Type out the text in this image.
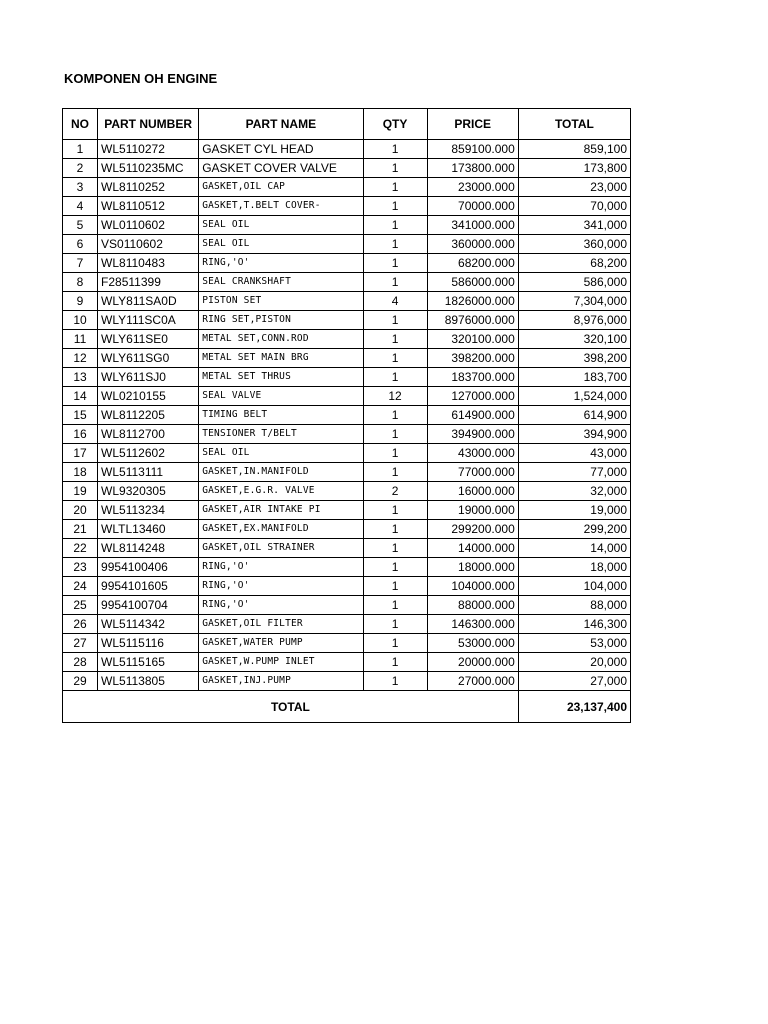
KOMPONEN OH ENGINE
NO	PART NUMBER	PART NAME	QTY	PRICE	TOTAL
1	WL5110272	GASKET CYL HEAD	1	859100.000	859,100
2	WL5110235MC	GASKET COVER VALVE	1	173800.000	173,800
3	WL8110252	GASKET,OIL CAP	1	23000.000	23,000
4	WL8110512	GASKET,T.BELT COVER-	1	70000.000	70,000
5	WL0110602	SEAL OIL	1	341000.000	341,000
6	VS0110602	SEAL OIL	1	360000.000	360,000
7	WL8110483	RING,'O'	1	68200.000	68,200
8	F28511399	SEAL CRANKSHAFT	1	586000.000	586,000
9	WLY811SA0D	PISTON SET	4	1826000.000	7,304,000
10	WLY111SC0A	RING SET,PISTON	1	8976000.000	8,976,000
11	WLY611SE0	METAL SET,CONN.ROD	1	320100.000	320,100
12	WLY611SG0	METAL SET MAIN BRG	1	398200.000	398,200
13	WLY611SJ0	METAL SET THRUS	1	183700.000	183,700
14	WL0210155	SEAL VALVE	12	127000.000	1,524,000
15	WL8112205	TIMING BELT	1	614900.000	614,900
16	WL8112700	TENSIONER T/BELT	1	394900.000	394,900
17	WL5112602	SEAL OIL	1	43000.000	43,000
18	WL5113111	GASKET,IN.MANIFOLD	1	77000.000	77,000
19	WL9320305	GASKET,E.G.R. VALVE	2	16000.000	32,000
20	WL5113234	GASKET,AIR INTAKE PI	1	19000.000	19,000
21	WLTL13460	GASKET,EX.MANIFOLD	1	299200.000	299,200
22	WL8114248	GASKET,OIL STRAINER	1	14000.000	14,000
23	9954100406	RING,'O'	1	18000.000	18,000
24	9954101605	RING,'O'	1	104000.000	104,000
25	9954100704	RING,'O'	1	88000.000	88,000
26	WL5114342	GASKET,OIL FILTER	1	146300.000	146,300
27	WL5115116	GASKET,WATER PUMP	1	53000.000	53,000
28	WL5115165	GASKET,W.PUMP INLET	1	20000.000	20,000
29	WL5113805	GASKET,INJ.PUMP	1	27000.000	27,000
TOTAL					23,137,400
